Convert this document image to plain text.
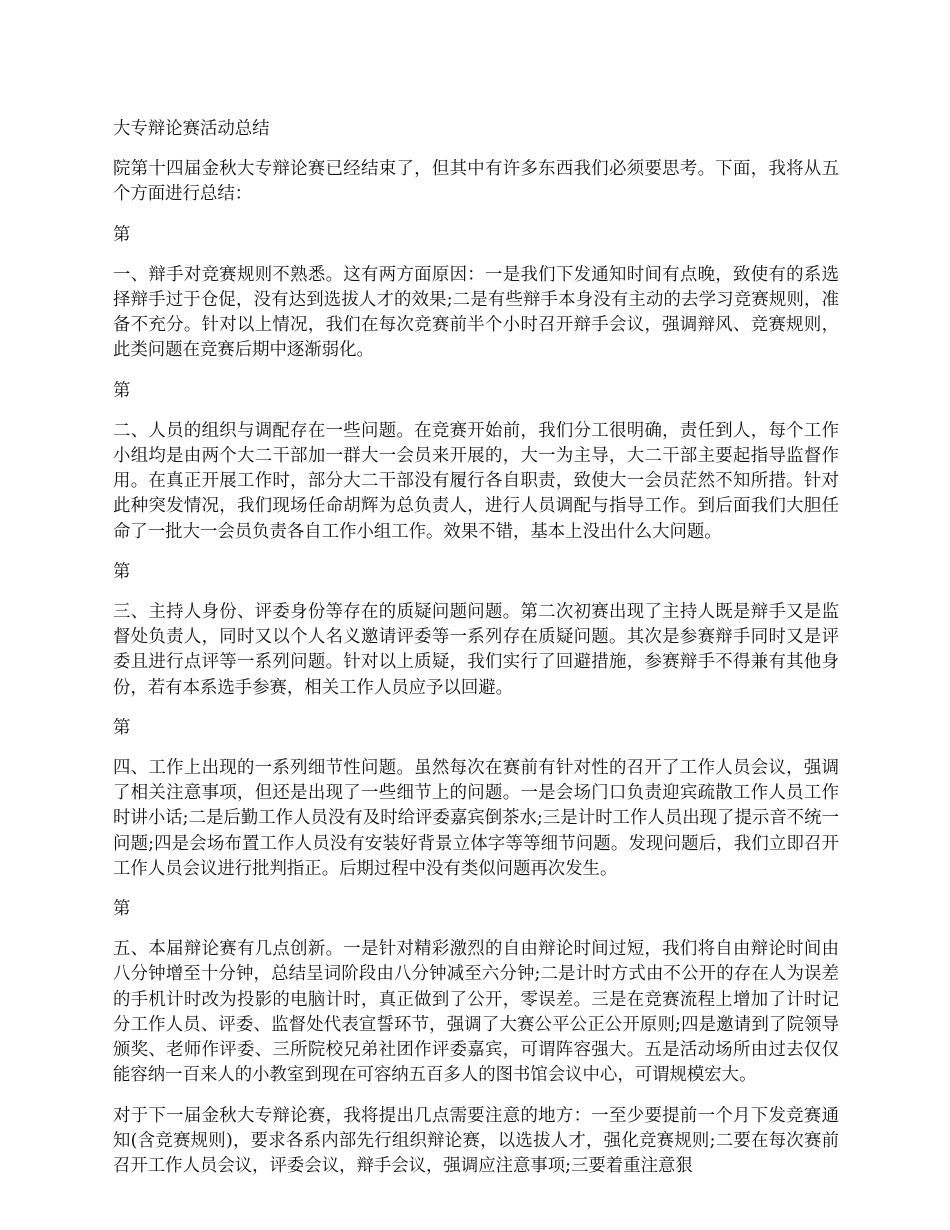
大专辩论赛活动总结

院第十四届金秋大专辩论赛已经结束了，但其中有许多东西我们必须要思考。下面，我将从五个方面进行总结：

第

一、辩手对竞赛规则不熟悉。这有两方面原因：一是我们下发通知时间有点晚，致使有的系选择辩手过于仓促，没有达到选拔人才的效果;二是有些辩手本身没有主动的去学习竞赛规则，准备不充分。针对以上情况，我们在每次竞赛前半个小时召开辩手会议，强调辩风、竞赛规则，此类问题在竞赛后期中逐渐弱化。

第

二、人员的组织与调配存在一些问题。在竞赛开始前，我们分工很明确，责任到人，每个工作小组均是由两个大二干部加一群大一会员来开展的，大一为主导，大二干部主要起指导监督作用。在真正开展工作时，部分大二干部没有履行各自职责，致使大一会员茫然不知所措。针对此种突发情况，我们现场任命胡辉为总负责人，进行人员调配与指导工作。到后面我们大胆任命了一批大一会员负责各自工作小组工作。效果不错，基本上没出什么大问题。

第

三、主持人身份、评委身份等存在的质疑问题问题。第二次初赛出现了主持人既是辩手又是监督处负责人，同时又以个人名义邀请评委等一系列存在质疑问题。其次是参赛辩手同时又是评委且进行点评等一系列问题。针对以上质疑，我们实行了回避措施，参赛辩手不得兼有其他身份，若有本系选手参赛，相关工作人员应予以回避。

第

四、工作上出现的一系列细节性问题。虽然每次在赛前有针对性的召开了工作人员会议，强调了相关注意事项，但还是出现了一些细节上的问题。一是会场门口负责迎宾疏散工作人员工作时讲小话;二是后勤工作人员没有及时给评委嘉宾倒茶水;三是计时工作人员出现了提示音不统一问题;四是会场布置工作人员没有安装好背景立体字等等细节问题。发现问题后，我们立即召开工作人员会议进行批判指正。后期过程中没有类似问题再次发生。

第

五、本届辩论赛有几点创新。一是针对精彩激烈的自由辩论时间过短，我们将自由辩论时间由八分钟增至十分钟，总结呈词阶段由八分钟减至六分钟;二是计时方式由不公开的存在人为误差的手机计时改为投影的电脑计时，真正做到了公开，零误差。三是在竞赛流程上增加了计时记分工作人员、评委、监督处代表宣誓环节，强调了大赛公平公正公开原则;四是邀请到了院领导颁奖、老师作评委、三所院校兄弟社团作评委嘉宾，可谓阵容强大。五是活动场所由过去仅仅能容纳一百来人的小教室到现在可容纳五百多人的图书馆会议中心，可谓规模宏大。

对于下一届金秋大专辩论赛，我将提出几点需要注意的地方：一至少要提前一个月下发竞赛通知(含竞赛规则)，要求各系内部先行组织辩论赛，以选拔人才，强化竞赛规则;二要在每次赛前召开工作人员会议，评委会议，辩手会议，强调应注意事项;三要着重注意狠
